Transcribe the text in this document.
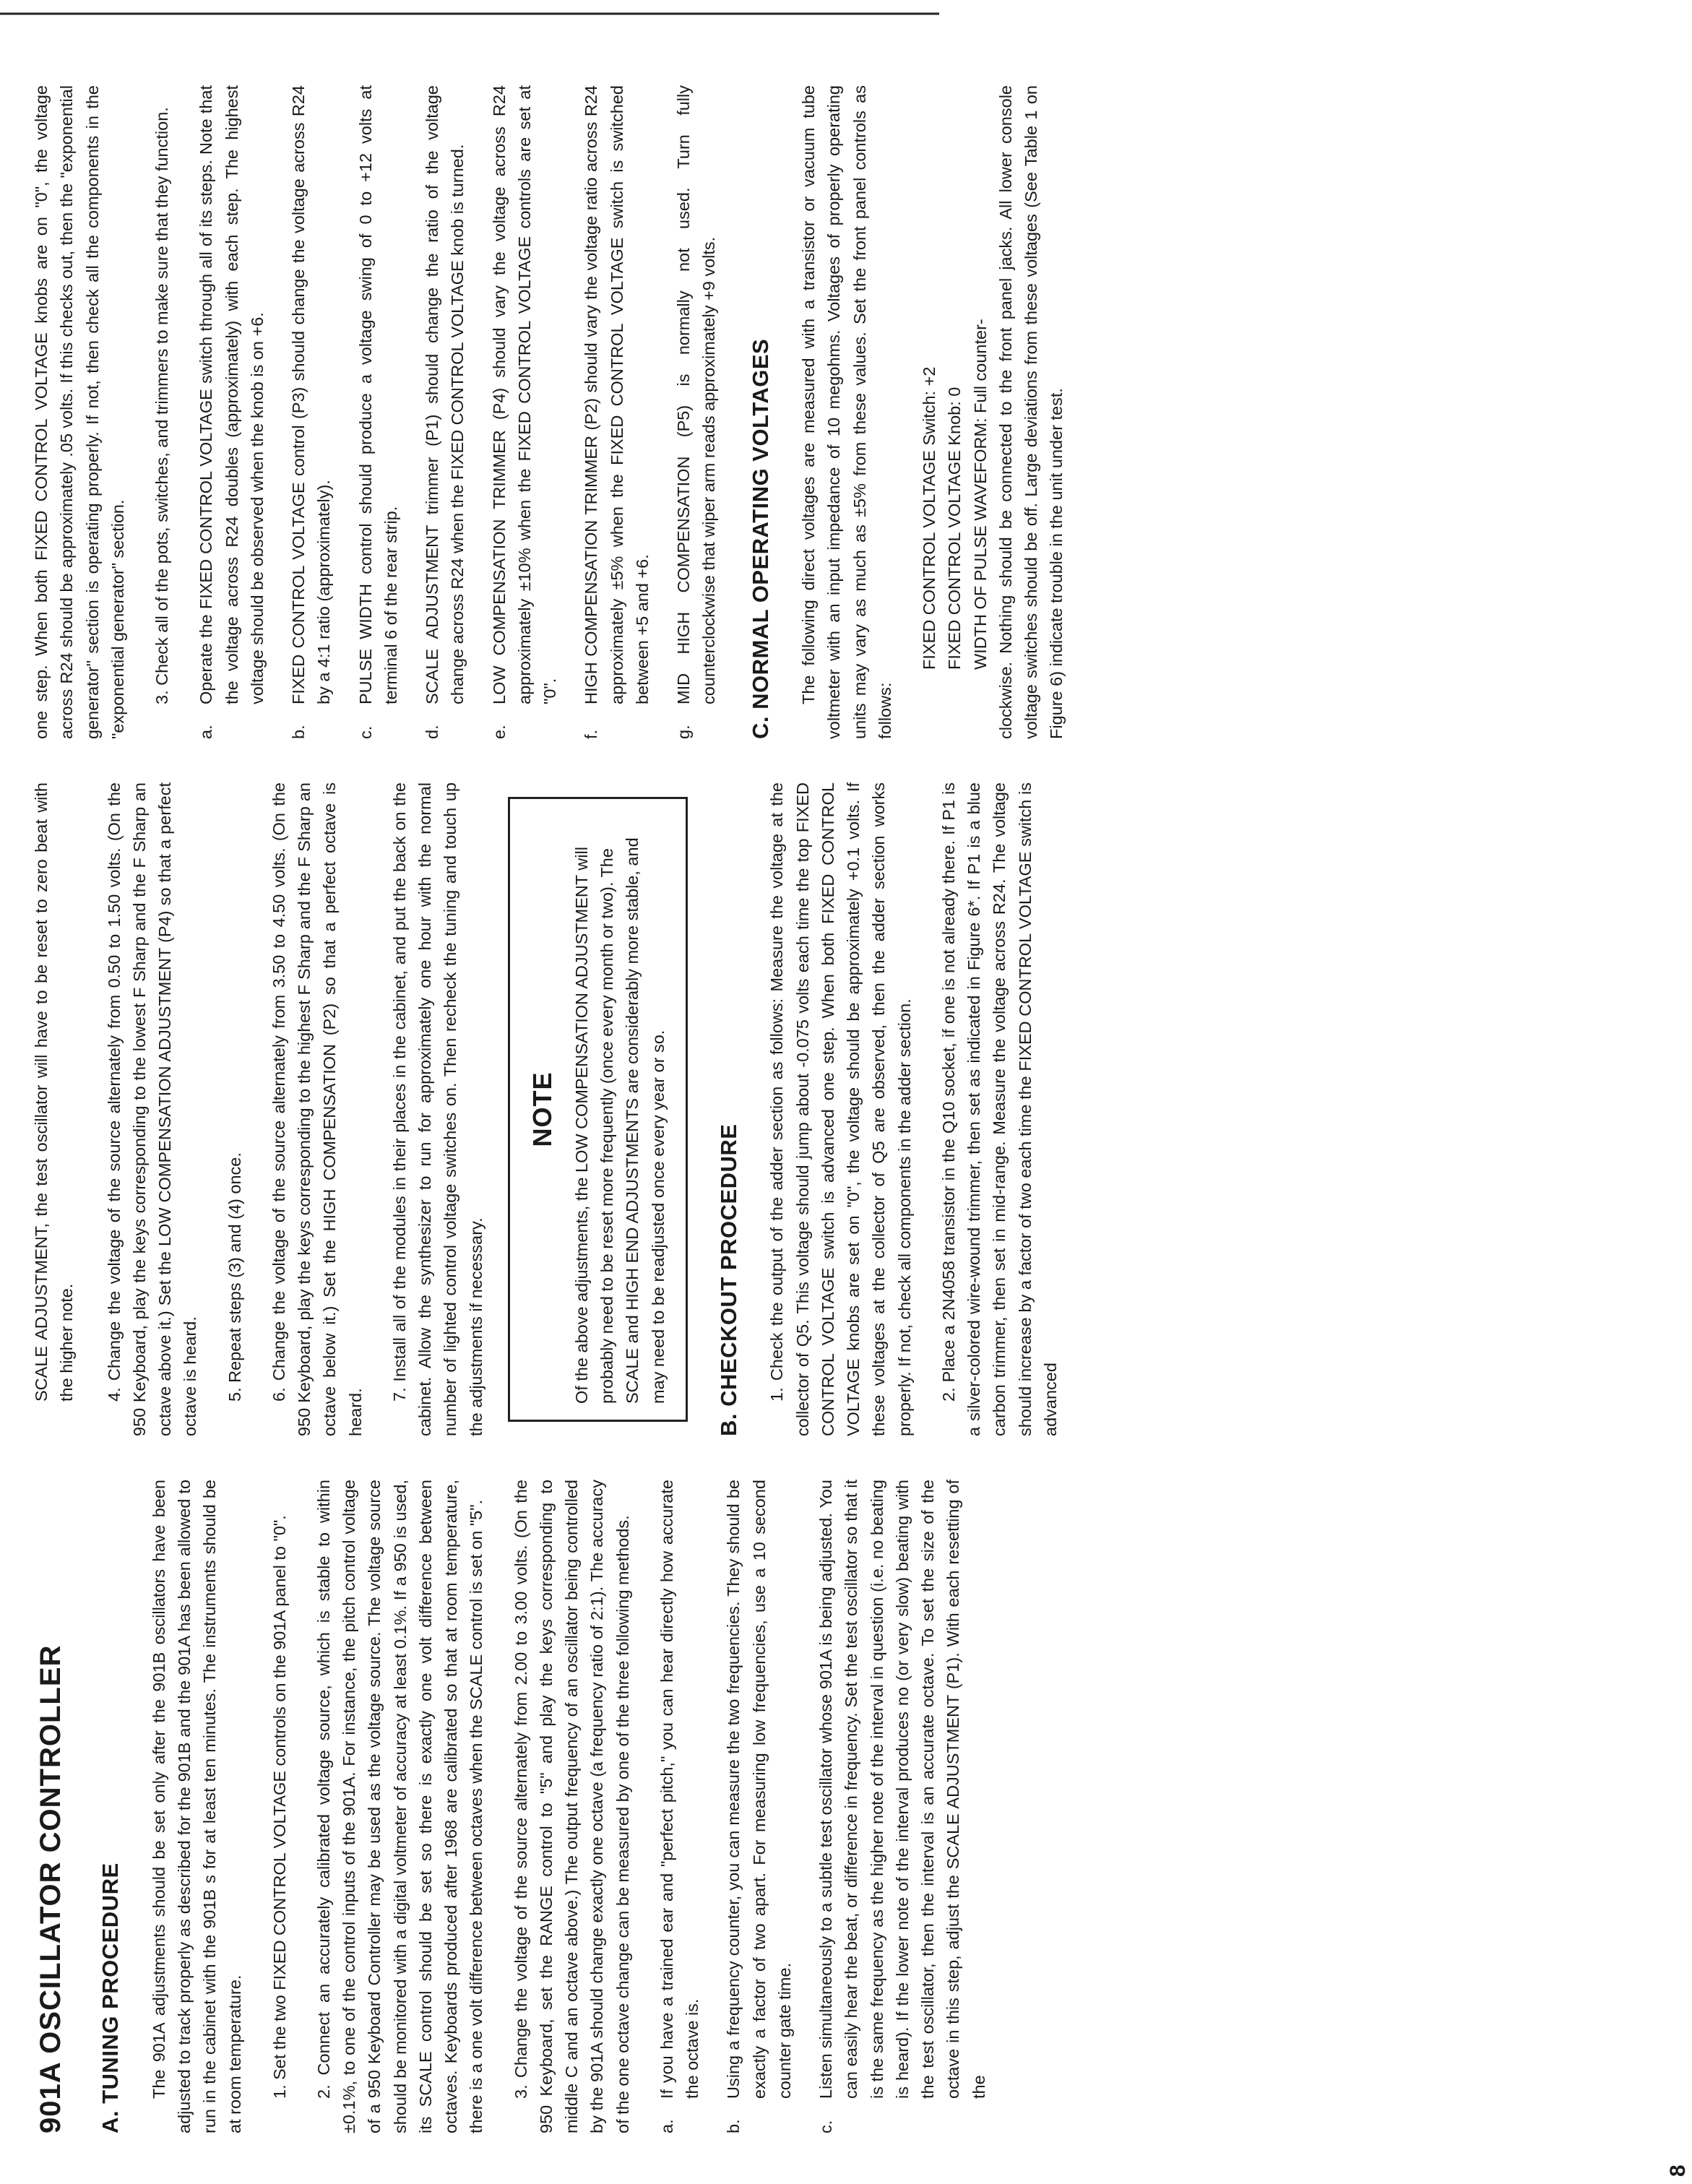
901A OSCILLATOR CONTROLLER A. TUNING PROCEDURE The 901A adjustments should be set only after the 901B oscillators have been adjusted to track properly as described for the 901B and the 901A has been allowed to run in the cabinet with the 901B s for at least ten minutes. The instruments should be at room temperature. 1. Set the two FIXED CONTROL VOLTAGE controls on the 901A panel to "0". 2. Connect an accurately calibrated voltage source, which is stable to within ±0.1%, to one of the control inputs of the 901A. For instance, the pitch control voltage of a 950 Keyboard Controller may be used as the voltage source. The voltage source should be monitored with a digital voltmeter of accuracy at least 0.1%. If a 950 is used, its SCALE control should be set so there is exactly one volt difference between octaves. Keyboards produced after 1968 are calibrated so that at room temperature, there is a one volt difference between octaves when the SCALE control is set on "5". 3. Change the voltage of the source alternately from 2.00 to 3.00 volts. (On the 950 Keyboard, set the RANGE control to "5" and play the keys corresponding to middle C and an octave above.) The output frequency of an oscillator being controlled by the 901A should change exactly one octave (a frequency ratio of 2:1). The accuracy of the one octave change can be measured by one of the three following methods. a.
If you have a trained ear and "perfect pitch," you can hear directly how accurate the octave is.
b.
Using a frequency counter, you can measure the two frequencies. They should be exactly a factor of two apart. For measuring low frequencies, use a 10 second counter gate time.
c.
Listen simultaneously to a subtle test oscillator whose 901A is being adjusted. You can easily hear the beat, or difference in frequency. Set the test oscillator so that it is the same frequency as the higher note of the interval in question (i.e. no beating is heard). If the lower note of the interval produces no (or very slow) beating with the test oscillator, then the interval is an accurate octave. To set the size of the octave in this step, adjust the SCALE ADJUSTMENT (P1). With each resetting of the
SCALE ADJUSTMENT, the test oscillator will have to be reset to zero beat with the higher note. 4. Change the voltage of the source alternately from 0.50 to 1.50 volts. (On the 950 Keyboard, play the keys corresponding to the lowest F Sharp and the F Sharp an octave above it.) Set the LOW COMPENSATION ADJUSTMENT (P4) so that a perfect octave is heard. 5. Repeat steps (3) and (4) once. 6. Change the voltage of the source alternately from 3.50 to 4.50 volts. (On the 950 Keyboard, play the keys corresponding to the highest F Sharp and the F Sharp an octave below it.) Set the HIGH COMPENSATION (P2) so that a perfect octave is heard.

7. Install all of the modules in their places in the cabinet, and put the back on the cabinet. Allow the synthesizer to run for approximately one hour with the normal number of lighted control voltage switches on. Then recheck the tuning and touch up the adjustments if necessary.

NOTE Of the above adjustments, the LOW COMPENSATION ADJUSTMENT will probably need to be reset more frequently (once every month or two). The SCALE and HIGH END ADJUSTMENTS are considerably more stable, and may need to be readjusted once every year or so. B. CHECKOUT PROCEDURE 1. Check the output of the adder section as follows: Measure the voltage at the collector of Q5. This voltage should jump about -0.075 volts each time the top FIXED CONTROL VOLTAGE switch is advanced one step. When both FIXED CONTROL VOLTAGE knobs are set on "0", the voltage should be approximately +0.1 volts. If these voltages at the collector of Q5 are observed, then the adder section works properly. If not, check all components in the adder section. 2. Place a 2N4058 transistor in the Q10 socket, if one is not already there. If P1 is a silver-colored wire-wound trimmer, then set as indicated in Figure 6*. If P1 is a blue carbon trimmer, then set in mid-range. Measure the voltage across R24. The voltage should increase by a factor of two each time the FIXED CONTROL VOLTAGE switch is advanced

one step. When both FIXED CONTROL VOLTAGE knobs are on "0", the voltage across R24 should be approximately .05 volts. If this checks out, then the "exponential generator" section is operating properly. If not, then check all the components in the "exponential generator" section. 3. Check all of the pots, switches, and trimmers to make sure that they function.

a.
Operate the FIXED CONTROL VOLTAGE switch through all of its steps. Note that the voltage across R24 doubles (approximately) with each step. The highest voltage should be observed when the knob is on +6.
b.
FIXED CONTROL VOLTAGE control (P3) should change the voltage across R24 by a 4:1 ratio (approximately).
c.
PULSE WIDTH control should produce a voltage swing of 0 to +12 volts at terminal 6 of the rear strip.
d.
SCALE ADJUSTMENT trimmer (P1) should change the ratio of the voltage change across R24 when the FIXED CONTROL VOLTAGE knob is turned.
e.
LOW COMPENSATION TRIMMER (P4) should vary the voltage across R24 approximately ±10% when the FIXED CONTROL VOLTAGE controls are set at "0".
f.
HIGH COMPENSATION TRIMMER (P2) should vary the voltage ratio across R24 approximately ±5% when the FIXED CONTROL VOLTAGE switch is switched between +5 and +6.
g.
MID HIGH COMPENSATION (P5) is normally not used. Turn fully counterclockwise that wiper arm reads approximately +9 volts. C. NORMAL OPERATING VOLTAGES The following direct voltages are measured with a transistor or vacuum tube voltmeter with an input impedance of 10 megohms. Voltages of properly operating units may vary as much as ±5% from these values. Set the front panel controls as follows:

FIXED CONTROL VOLTAGE Switch: +2 FIXED CONTROL VOLTAGE Knob: 0 WIDTH OF PULSE WAVEFORM: Full counter- clockwise. Nothing should be connected to the front panel jacks. All lower console voltage switches should be off. Large deviations from these voltages (See Table 1 on Figure 6) indicate trouble in the unit under test.

8
